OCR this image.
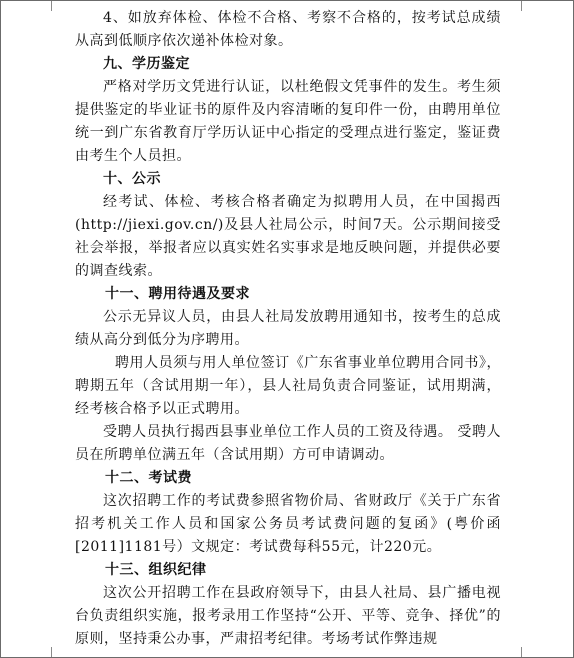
4、如放弃体检、体检不合格、考察不合格的，按考试总成绩从高到低顺序依次递补体检对象。

九、学历鉴定

严格对学历文凭进行认证，以杜绝假文凭事件的发生。考生须提供鉴定的毕业证书的原件及内容清晰的复印件一份，由聘用单位统一到广东省教育厅学历认证中心指定的受理点进行鉴定，鉴证费由考生个人员担。

十、公示

经考试、体检、考核合格者确定为拟聘用人员，在中国揭西(http://jiexi.gov.cn/)及县人社局公示，时间7天。公示期间接受社会举报，举报者应以真实姓名实事求是地反映问题，并提供必要的调查线索。

十一、聘用待遇及要求

公示无异议人员，由县人社局发放聘用通知书，按考生的总成绩从高分到低分为序聘用。

聘用人员须与用人单位签订《广东省事业单位聘用合同书》，聘期五年（含试用期一年），县人社局负责合同鉴证，试用期满，经考核合格予以正式聘用。

受聘人员执行揭西县事业单位工作人员的工资及待遇。 受聘人员在所聘单位满五年（含试用期）方可申请调动。

十二、考试费

这次招聘工作的考试费参照省物价局、省财政厅《关于广东省招考机关工作人员和国家公务员考试费问题的复函》(粤价函[2011]1181号）文规定：考试费每科55元，计220元。

十三、组织纪律

这次公开招聘工作在县政府领导下，由县人社局、县广播电视台负责组织实施，报考录用工作坚持“公开、平等、竞争、择优”的原则，坚持秉公办事，严肃招考纪律。考场考试作弊违规
